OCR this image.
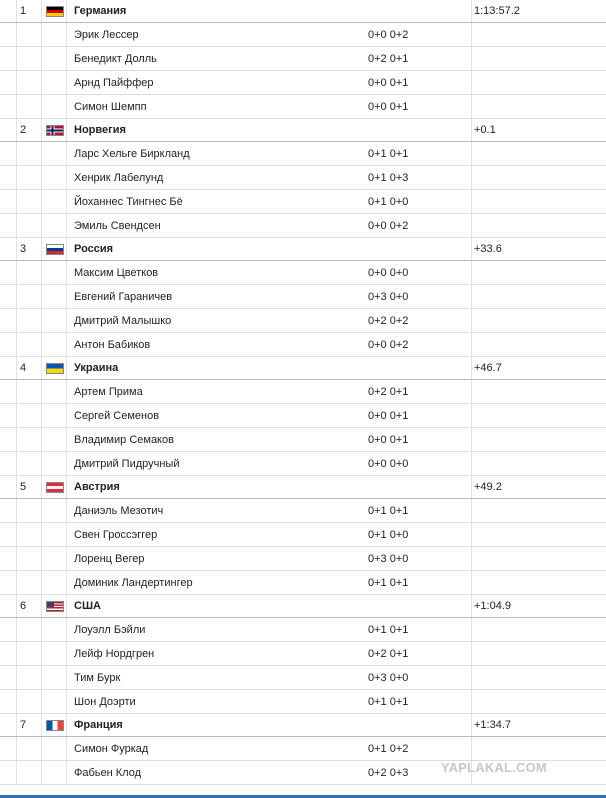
1	Германия	1:13:57.2
Эрик Лессер	0+0 0+2
Бенедикт Долль	0+2 0+1
Арнд Пайффер	0+0 0+1
Симон Шемпп	0+0 0+1
2	Норвегия	+0.1
Ларс Хельге Биркланд	0+1 0+1
Хенрик Лабелунд	0+1 0+3
Йоханнес Тингнес Бё	0+1 0+0
Эмиль Свендсен	0+0 0+2
3	Россия	+33.6
Максим Цветков	0+0 0+0
Евгений Гараничев	0+3 0+0
Дмитрий Малышко	0+2 0+2
Антон Бабиков	0+0 0+2
4	Украина	+46.7
Артем Прима	0+2 0+1
Сергей Семенов	0+0 0+1
Владимир Семаков	0+0 0+1
Дмитрий Пидручный	0+0 0+0
5	Австрия	+49.2
Даниэль Мезотич	0+1 0+1
Свен Гроссэггер	0+1 0+0
Лоренц Вегер	0+3 0+0
Доминик Ландертингер	0+1 0+1
6	США	+1:04.9
Лоуэлл Бэйли	0+1 0+1
Лейф Нордгрен	0+2 0+1
Тим Бурк	0+3 0+0
Шон Доэрти	0+1 0+1
7	Франция	+1:34.7
Симон Фуркад	0+1 0+2
Фабьен Клод	0+2 0+3	YAPLAKAL.COM
